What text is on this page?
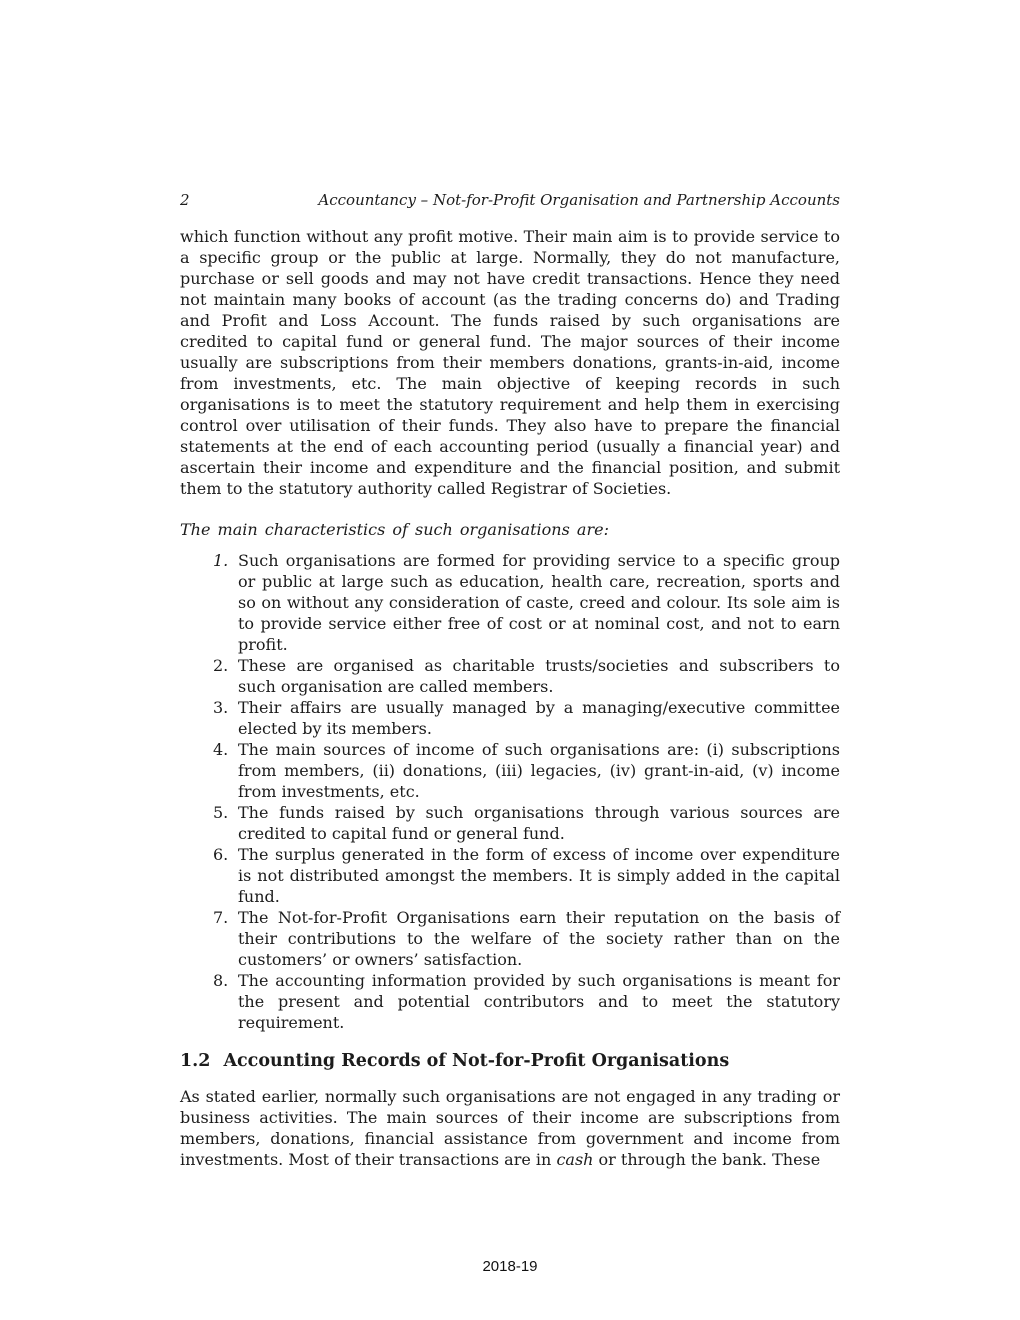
2	Accountancy – Not-for-Profit Organisation and Partnership Accounts

which function without any profit motive. Their main aim is to provide service to a specific group or the public at large. Normally, they do not manufacture, purchase or sell goods and may not have credit transactions. Hence they need not maintain many books of account (as the trading concerns do) and Trading and Profit and Loss Account. The funds raised by such organisations are credited to capital fund or general fund. The major sources of their income usually are subscriptions from their members donations, grants-in-aid, income from investments, etc. The main objective of keeping records in such organisations is to meet the statutory requirement and help them in exercising control over utilisation of their funds. They also have to prepare the financial statements at the end of each accounting period (usually a financial year) and ascertain their income and expenditure and the financial position, and submit them to the statutory authority called Registrar of Societies.

The main characteristics of such organisations are:

1. Such organisations are formed for providing service to a specific group or public at large such as education, health care, recreation, sports and so on without any consideration of caste, creed and colour. Its sole aim is to provide service either free of cost or at nominal cost, and not to earn profit.
2. These are organised as charitable trusts/societies and subscribers to such organisation are called members.
3. Their affairs are usually managed by a managing/executive committee elected by its members.
4. The main sources of income of such organisations are: (i) subscriptions from members, (ii) donations, (iii) legacies, (iv) grant-in-aid, (v) income from investments, etc.
5. The funds raised by such organisations through various sources are credited to capital fund or general fund.
6. The surplus generated in the form of excess of income over expenditure is not distributed amongst the members. It is simply added in the capital fund.
7. The Not-for-Profit Organisations earn their reputation on the basis of their contributions to the welfare of the society rather than on the customers’ or owners’ satisfaction.
8. The accounting information provided by such organisations is meant for the present and potential contributors and to meet the statutory requirement.
1.2 Accounting Records of Not-for-Profit Organisations

As stated earlier, normally such organisations are not engaged in any trading or business activities. The main sources of their income are subscriptions from members, donations, financial assistance from government and income from investments. Most of their transactions are in cash or through the bank. These

2018-19
